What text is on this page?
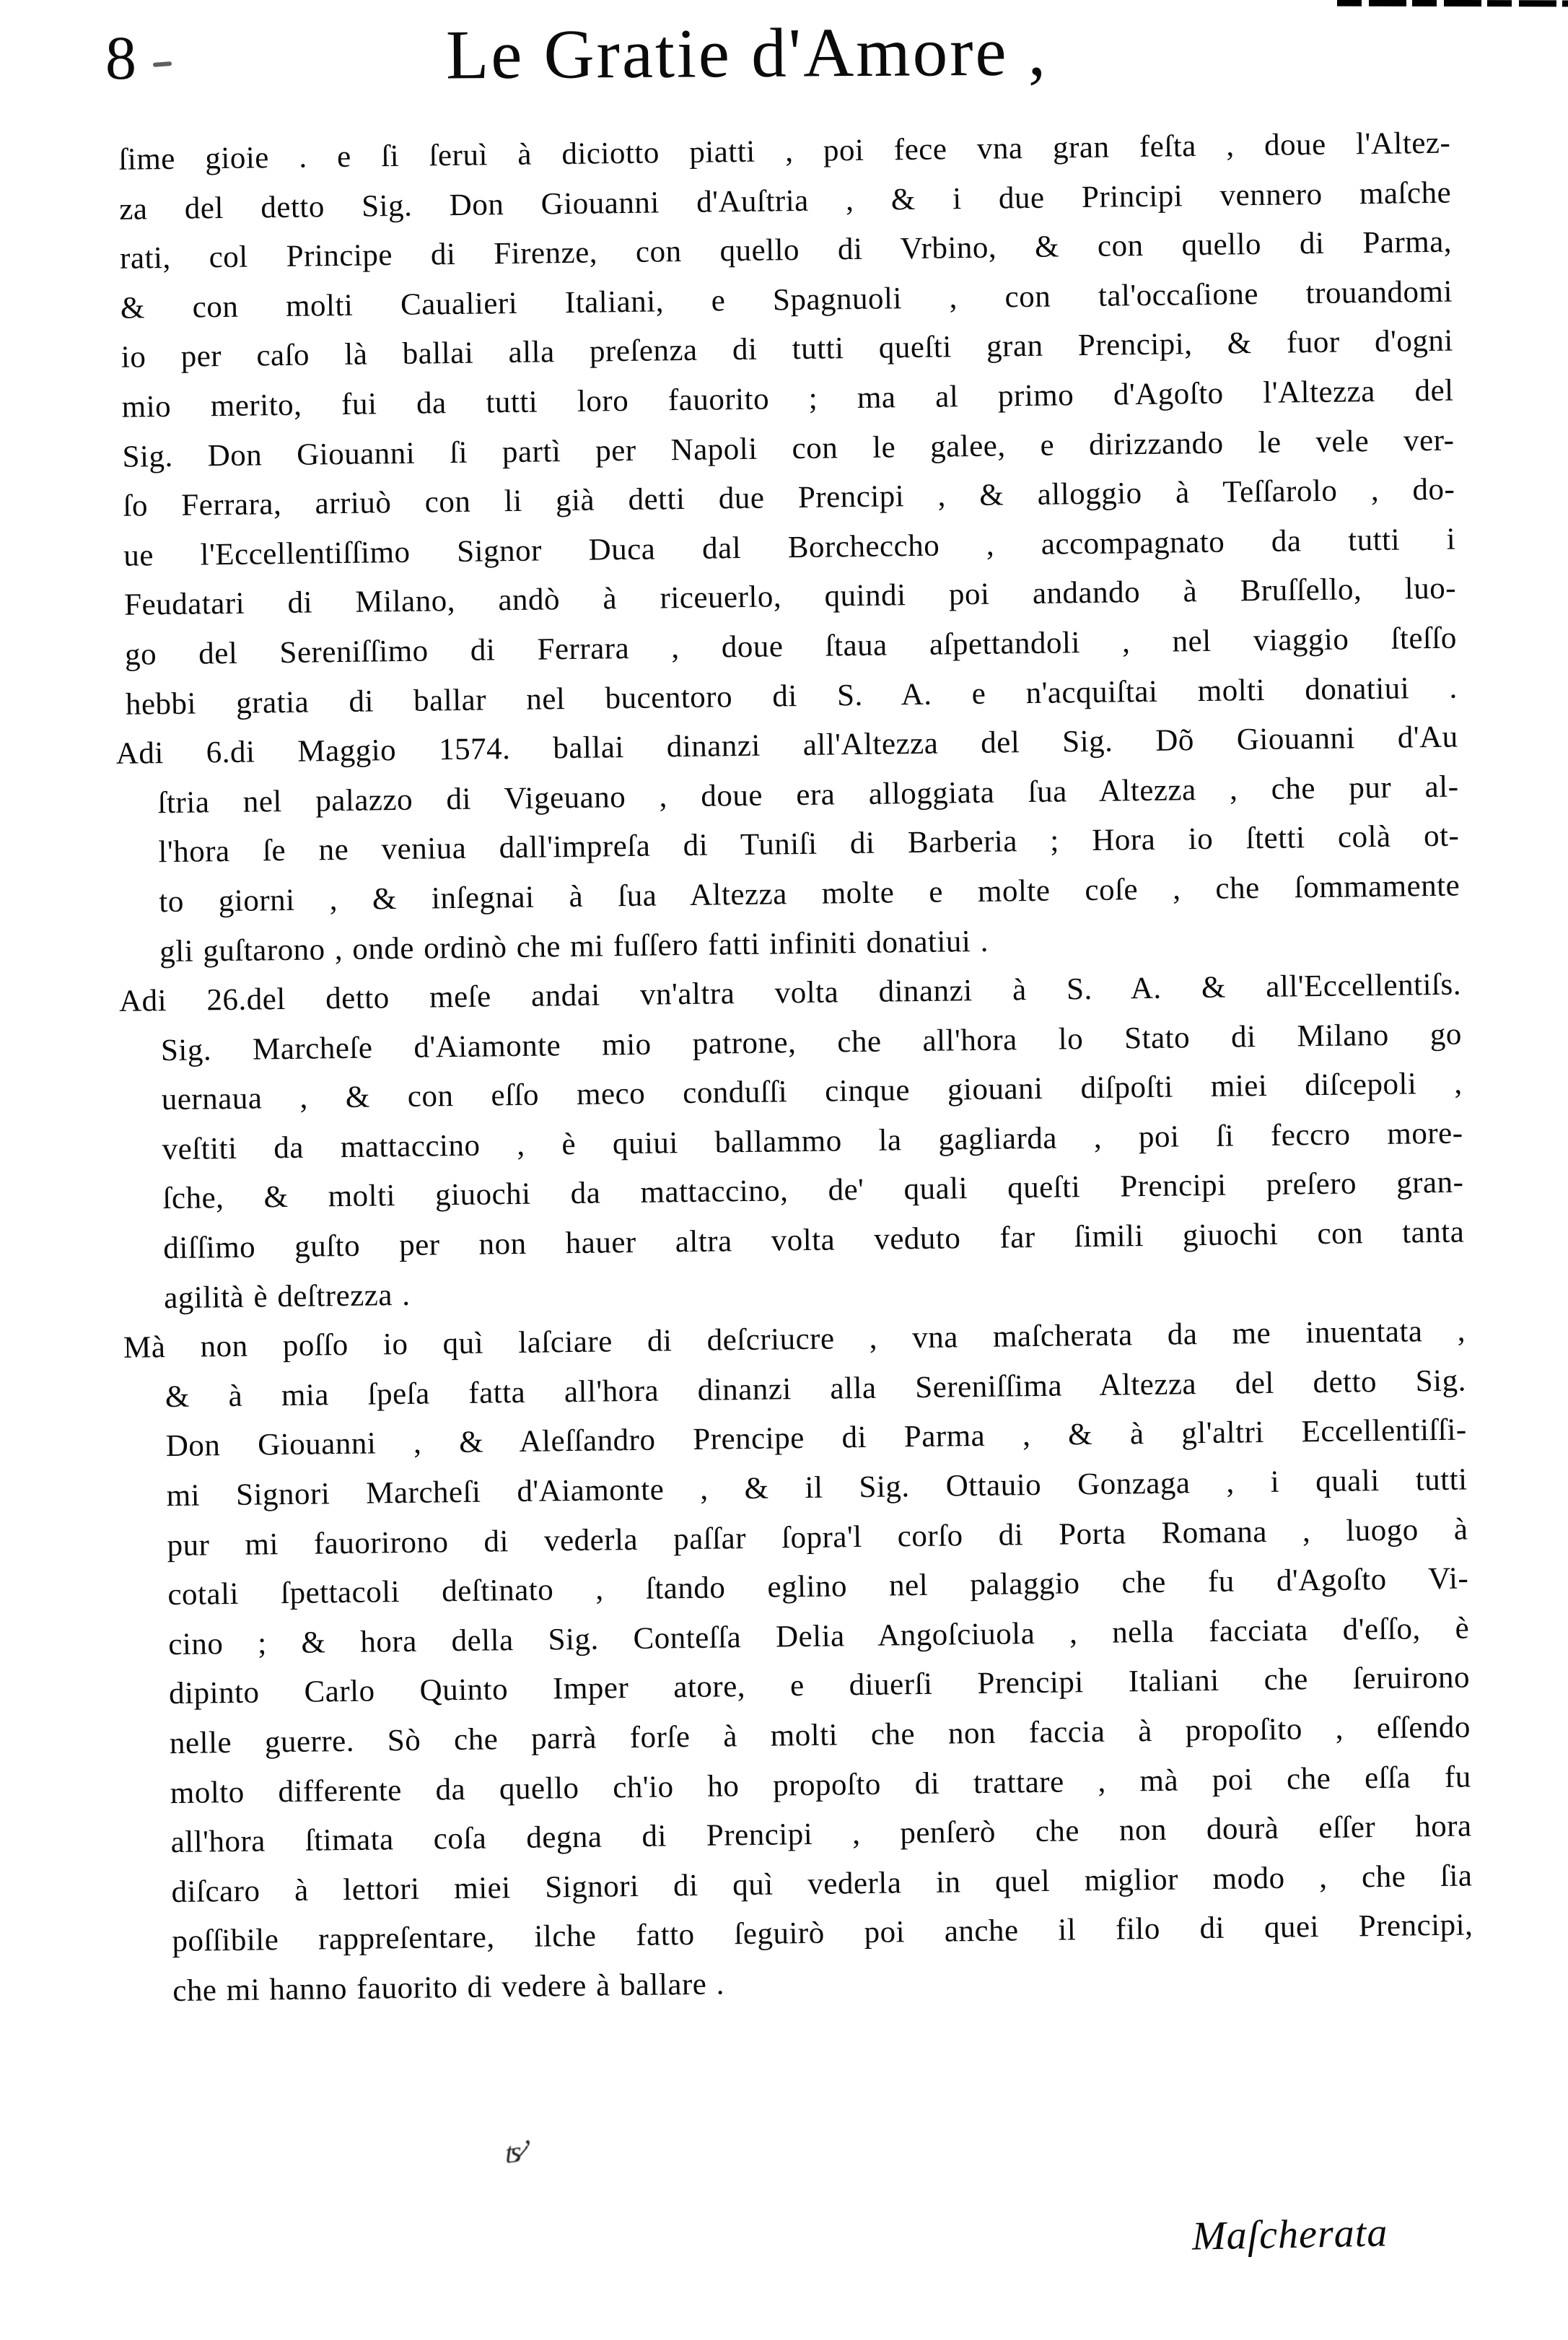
8	Le Gratie d'Amore ,
ſime gioie . e ſi ſeruì à diciotto piatti , poi fece vna gran feſta , doue l'Altez-
za del detto Sig. Don Giouanni d'Auſtria , & i due Principi vennero maſche
rati, col Principe di Firenze, con quello di Vrbino, & con quello di Parma,
& con molti Caualieri Italiani, e Spagnuoli , con tal'occaſione trouandomi
io per caſo là ballai alla preſenza di tutti queſti gran Prencipi, & fuor d'ogni
mio merito, fui da tutti loro fauorito ; ma al primo d'Agoſto l'Altezza del
Sig. Don Giouanni ſi partì per Napoli con le galee, e dirizzando le vele ver-
ſo Ferrara, arriuò con li già detti due Prencipi , & alloggio à Teſſarolo , do-
ue l'Eccellentiſſimo Signor Duca dal Borcheccho , accompagnato da tutti i
Feudatari di Milano, andò à riceuerlo, quindi poi andando à Bruſſello, luo-
go del Sereniſſimo di Ferrara , doue ſtaua aſpettandoli , nel viaggio ſteſſo
hebbi gratia di ballar nel bucentoro di S. A. e n'acquiſtai molti donatiui .
Adi 6.di Maggio 1574. ballai dinanzi all'Altezza del Sig. Dõ Giouanni d'Au
ſtria nel palazzo di Vigeuano , doue era alloggiata ſua Altezza , che pur al-
l'hora ſe ne veniua dall'impreſa di Tuniſi di Barberia ; Hora io ſtetti colà ot-
to giorni , & inſegnai à ſua Altezza molte e molte coſe , che ſommamente
gli guſtarono , onde ordinò che mi fuſſero fatti infiniti donatiui .
Adi 26.del detto meſe andai vn'altra volta dinanzi à S. A. & all'Eccellentiſs.
Sig. Marcheſe d'Aiamonte mio patrone, che all'hora lo Stato di Milano go
uernaua , & con eſſo meco conduſſi cinque giouani diſpoſti miei diſcepoli ,
veſtiti da mattaccino , è quiui ballammo la gagliarda , poi ſi feccro more-
ſche, & molti giuochi da mattaccino, de' quali queſti Prencipi preſero gran-
diſſimo guſto per non hauer altra volta veduto far ſimili giuochi con tanta
agilità è deſtrezza .
Mà non poſſo io quì laſciare di deſcriucre , vna maſcherata da me inuentata ,
& à mia ſpeſa fatta all'hora dinanzi alla Sereniſſima Altezza del detto Sig.
Don Giouanni , & Aleſſandro Prencipe di Parma , & à gl'altri Eccellentiſſi-
mi Signori Marcheſi d'Aiamonte , & il Sig. Ottauio Gonzaga , i quali tutti
pur mi fauorirono di vederla paſſar ſopra'l corſo di Porta Romana , luogo à
cotali ſpettacoli deſtinato , ſtando eglino nel palaggio che fu d'Agoſto Vi-
cino ; & hora della Sig. Conteſſa Delia Angoſciuola , nella facciata d'eſſo, è
dipinto Carlo Quinto Imper atore, e diuerſi Prencipi Italiani che ſeruirono
nelle guerre. Sò che parrà forſe à molti che non faccia à propoſito , eſſendo
molto differente da quello ch'io ho propoſto di trattare , mà poi che eſſa fu
all'hora ſtimata coſa degna di Prencipi , penſerò che non dourà eſſer hora
diſcaro à lettori miei Signori di quì vederla in quel miglior modo , che ſia
poſſibile rappreſentare, ilche fatto ſeguirò poi anche il filo di quei Prencipi,
che mi hanno fauorito di vedere à ballare .
ʦ̷ʼ
Maſcherata
